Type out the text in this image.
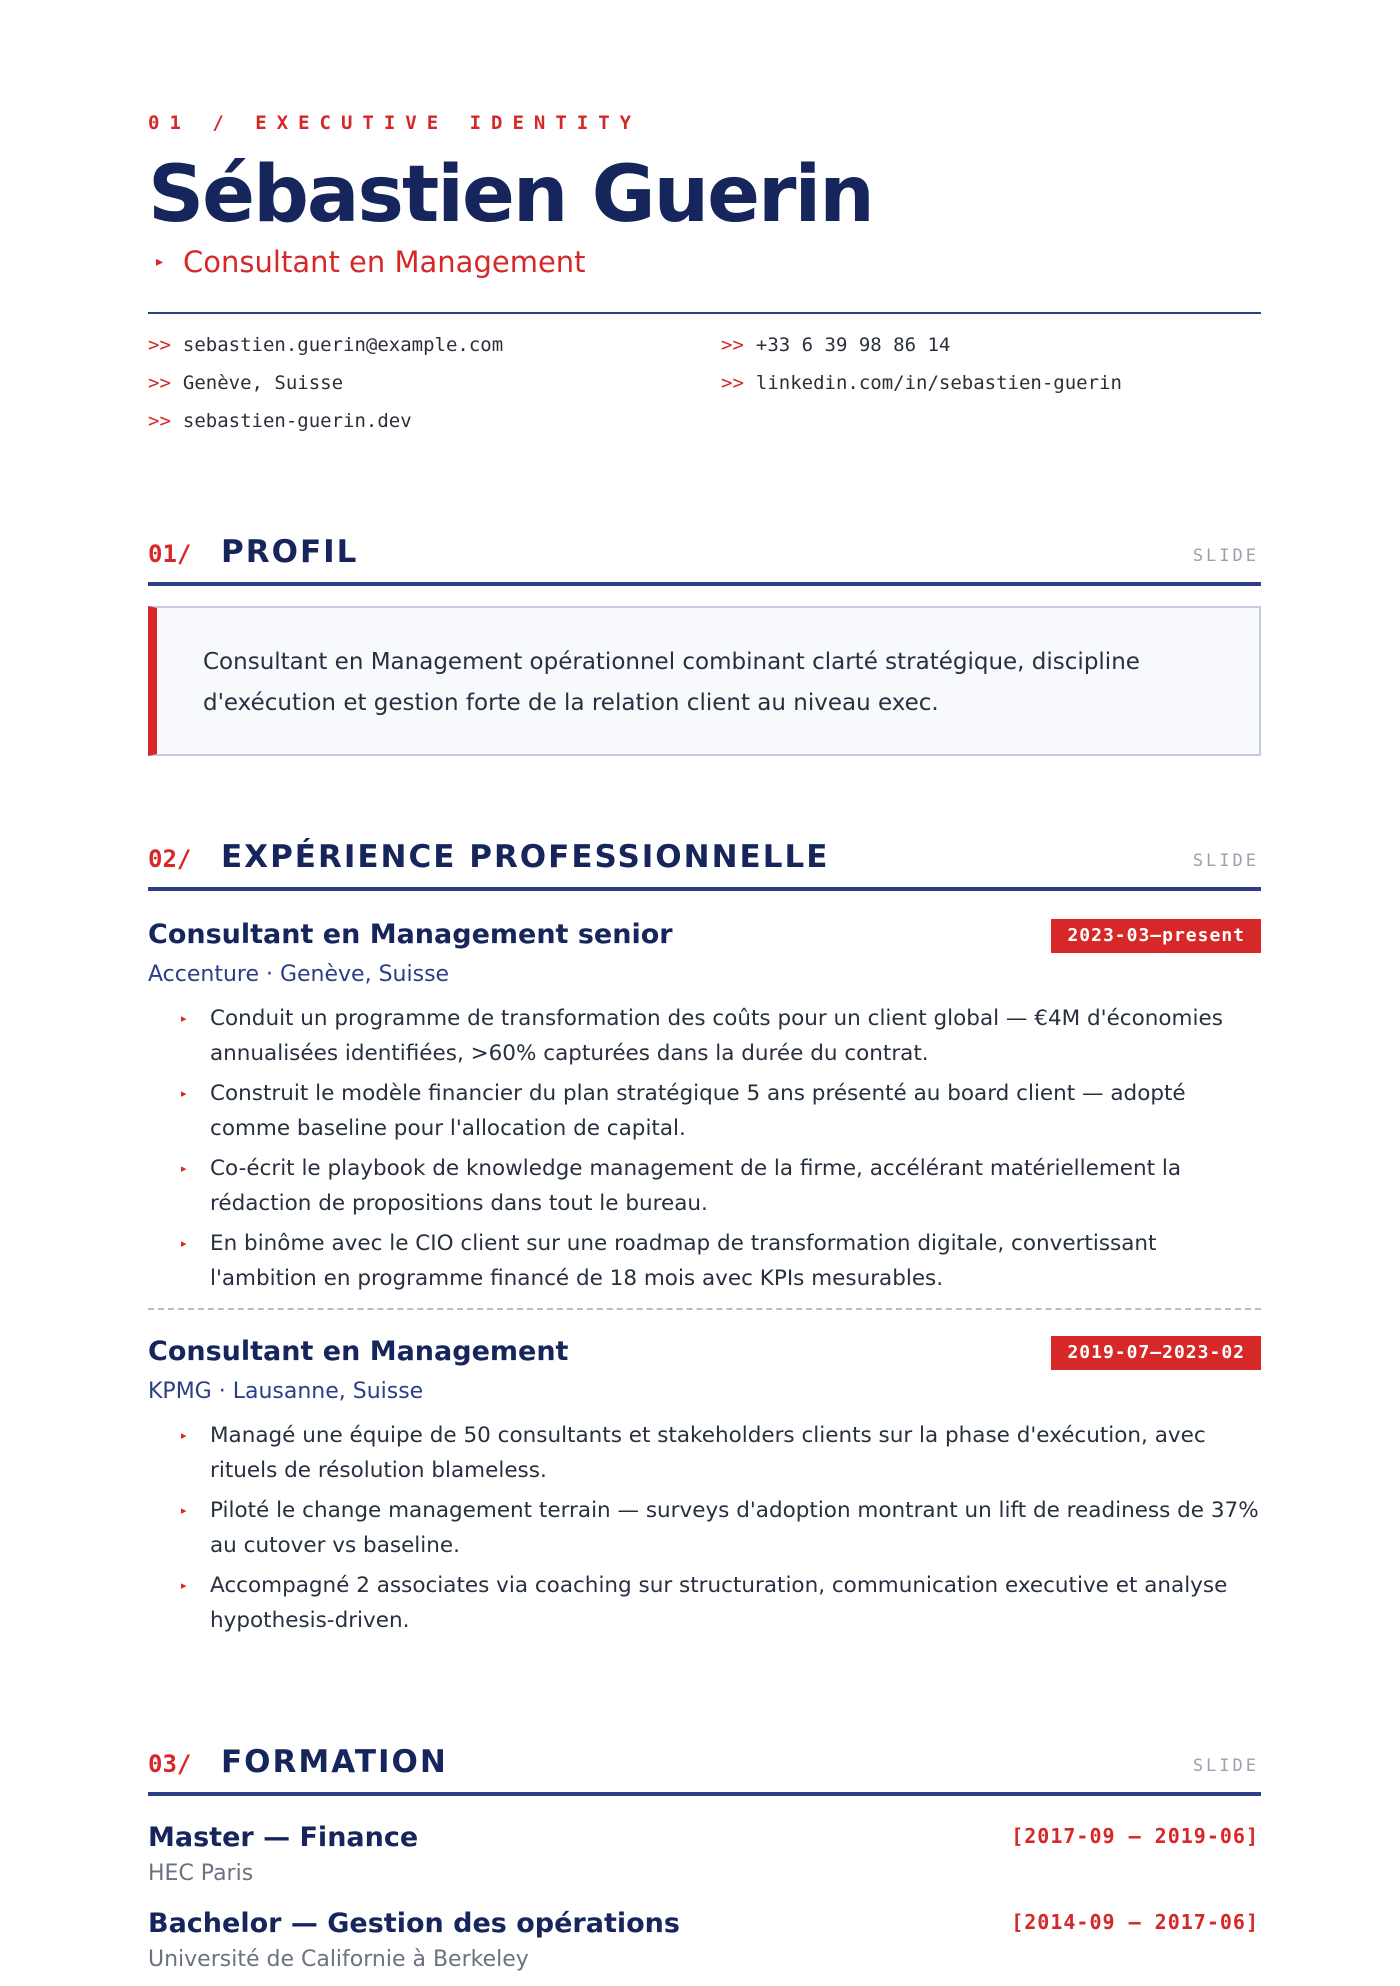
01 / EXECUTIVE IDENTITY
Sébastien Guerin
▸ Consultant en Management
>> sebastien.guerin@example.com	>> +33 6 39 98 86 14
>> Genève, Suisse	>> linkedin.com/in/sebastien-guerin
>> sebastien-guerin.dev
01/ PROFIL	SLIDE
Consultant en Management opérationnel combinant clarté stratégique, discipline d'exécution et gestion forte de la relation client au niveau exec.
02/ EXPÉRIENCE PROFESSIONNELLE	SLIDE
Consultant en Management senior	2023-03—present
Accenture · Genève, Suisse
▸ Conduit un programme de transformation des coûts pour un client global — €4M d'économies annualisées identifiées, >60% capturées dans la durée du contrat.
▸ Construit le modèle financier du plan stratégique 5 ans présenté au board client — adopté comme baseline pour l'allocation de capital.
▸ Co-écrit le playbook de knowledge management de la firme, accélérant matériellement la rédaction de propositions dans tout le bureau.
▸ En binôme avec le CIO client sur une roadmap de transformation digitale, convertissant l'ambition en programme financé de 18 mois avec KPIs mesurables.
Consultant en Management	2019-07—2023-02
KPMG · Lausanne, Suisse
▸ Managé une équipe de 50 consultants et stakeholders clients sur la phase d'exécution, avec rituels de résolution blameless.
▸ Piloté le change management terrain — surveys d'adoption montrant un lift de readiness de 37% au cutover vs baseline.
▸ Accompagné 2 associates via coaching sur structuration, communication executive et analyse hypothesis-driven.
03/ FORMATION	SLIDE
Master — Finance
HEC Paris
[2017-09 – 2019-06]
Bachelor — Gestion des opérations
Université de Californie à Berkeley
[2014-09 – 2017-06]
